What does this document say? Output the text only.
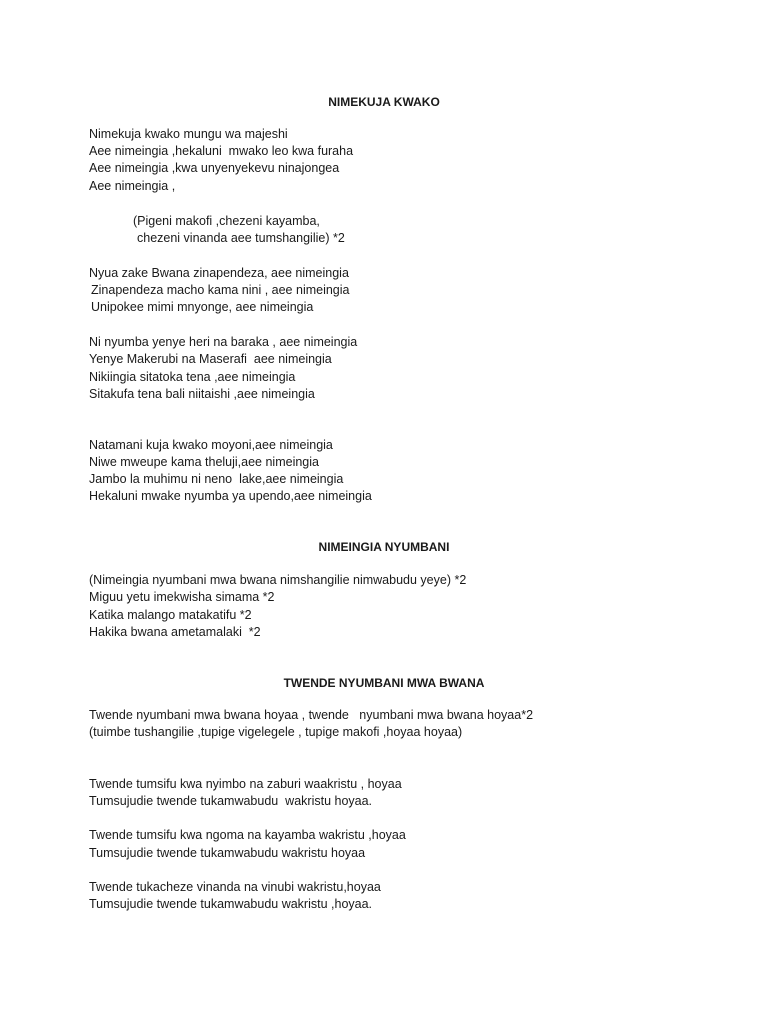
NIMEKUJA KWAKO
Nimekuja kwako mungu wa majeshi
Aee nimeingia ,hekaluni  mwako leo kwa furaha
Aee nimeingia ,kwa unyenyekevu ninajongea
Aee nimeingia ,
(Pigeni makofi ,chezeni kayamba,
chezeni vinanda aee tumshangilie) *2
Nyua zake Bwana zinapendeza, aee nimeingia
Zinapendeza macho kama nini , aee nimeingia
Unipokee mimi mnyonge, aee nimeingia
Ni nyumba yenye heri na baraka , aee nimeingia
Yenye Makerubi na Maserafi  aee nimeingia
Nikiingia sitatoka tena ,aee nimeingia
Sitakufa tena bali niitaishi ,aee nimeingia
Natamani kuja kwako moyoni,aee nimeingia
Niwe mweupe kama theluji,aee nimeingia
Jambo la muhimu ni neno  lake,aee nimeingia
Hekaluni mwake nyumba ya upendo,aee nimeingia
NIMEINGIA NYUMBANI
(Nimeingia nyumbani mwa bwana nimshangilie nimwabudu yeye) *2
Miguu yetu imekwisha simama *2
Katika malango matakatifu *2
Hakika bwana ametamalaki  *2
TWENDE NYUMBANI MWA BWANA
Twende nyumbani mwa bwana hoyaa , twende   nyumbani mwa bwana hoyaa*2
(tuimbe tushangilie ,tupige vigelegele , tupige makofi ,hoyaa hoyaa)
Twende tumsifu kwa nyimbo na zaburi waakristu , hoyaa
Tumsujudie twende tukamwabudu  wakristu hoyaa.
Twende tumsifu kwa ngoma na kayamba wakristu ,hoyaa
Tumsujudie twende tukamwabudu wakristu hoyaa
Twende tukacheze vinanda na vinubi wakristu,hoyaa
Tumsujudie twende tukamwabudu wakristu ,hoyaa.
